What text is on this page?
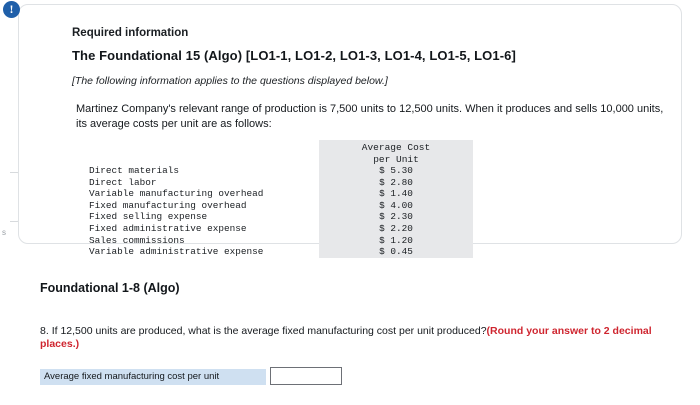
s
Required information
The Foundational 15 (Algo) [LO1-1, LO1-2, LO1-3, LO1-4, LO1-5, LO1-6]
[The following information applies to the questions displayed below.]
Martinez Company's relevant range of production is 7,500 units to 12,500 units. When it produces and sells 10,000 units, its average costs per unit are as follows:
Average Cost
per Unit
Direct materials	$ 5.30
Direct labor	$ 2.80
Variable manufacturing overhead	$ 1.40
Fixed manufacturing overhead	$ 4.00
Fixed selling expense	$ 2.30
Fixed administrative expense	$ 2.20
Sales commissions	$ 1.20
Variable administrative expense	$ 0.45
!
Foundational 1-8 (Algo)
8. If 12,500 units are produced, what is the average fixed manufacturing cost per unit produced?(Round your answer to 2 decimal
places.)
Average fixed manufacturing cost per unit
